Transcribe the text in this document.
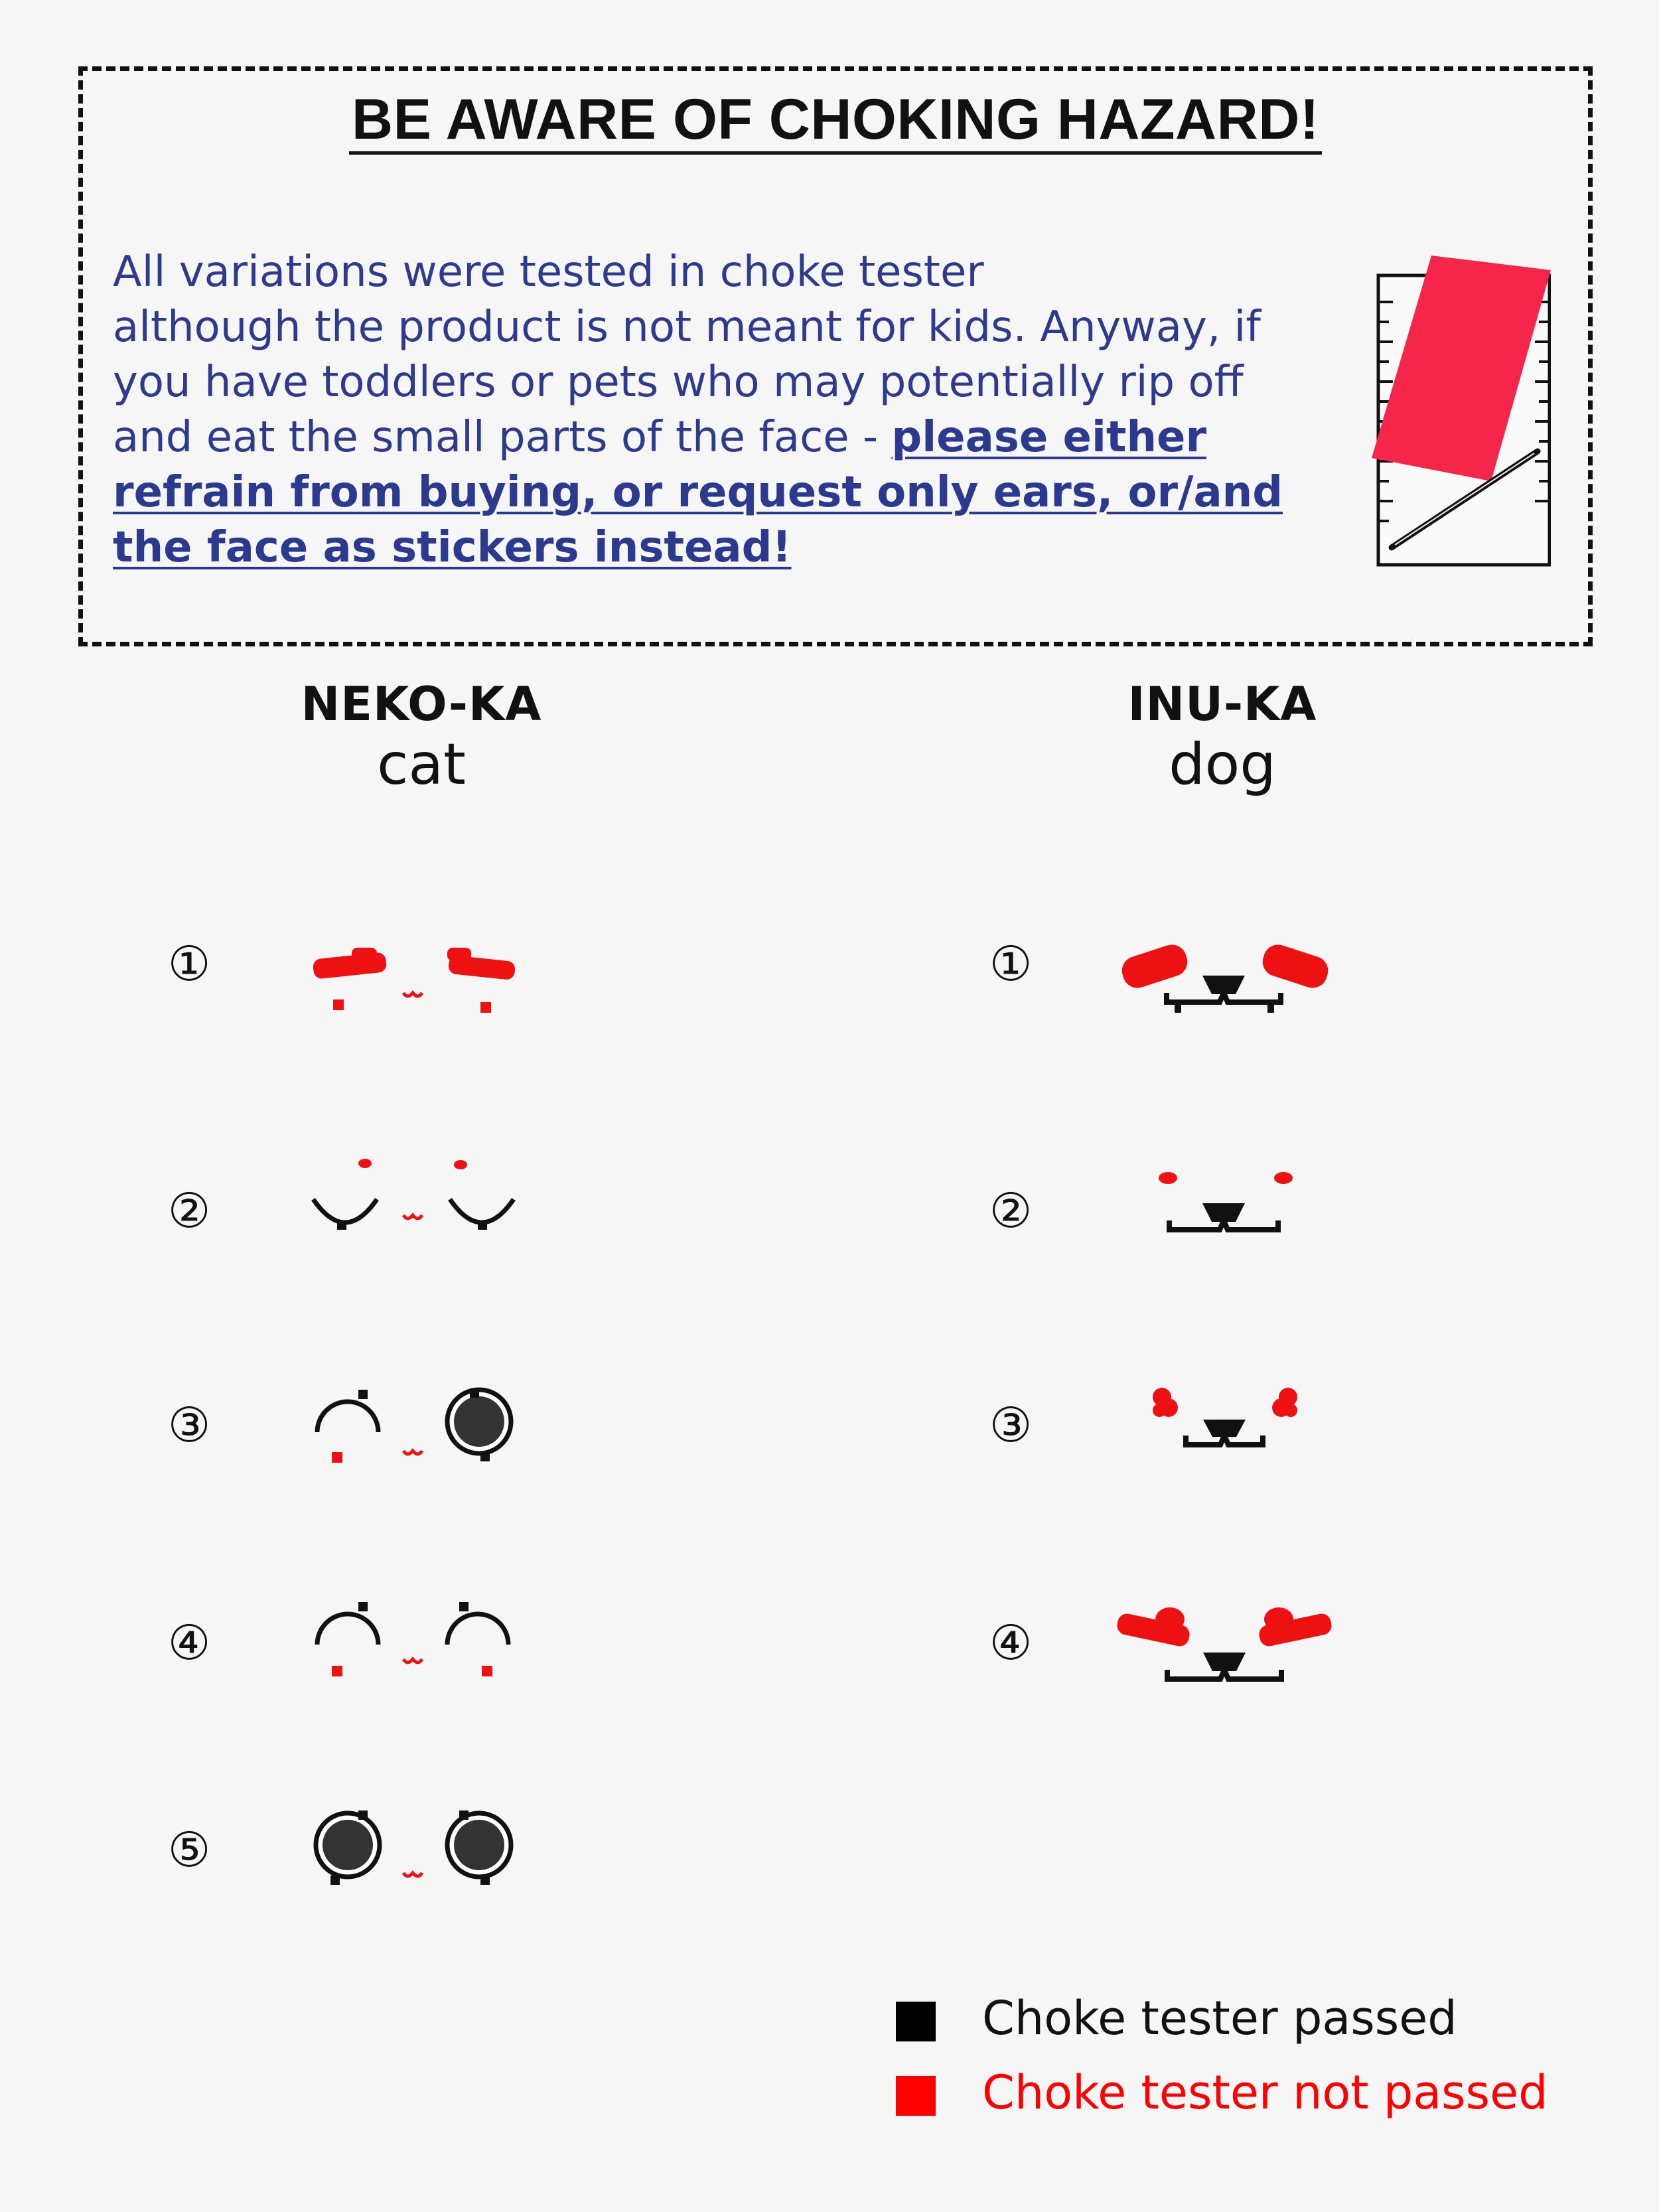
BE AWARE OF CHOKING HAZARD!
All variations were tested in choke tester
although the product is not meant for kids. Anyway, if
you have toddlers or pets who may potentially rip off
and eat the small parts of the face - please either
refrain from buying, or request only ears, or/and
the face as stickers instead!
NEKO-KA
cat
INU-KA
dog
①
②
③
④
⑤
①
②
③
④
Choke tester passed
Choke tester not passed
